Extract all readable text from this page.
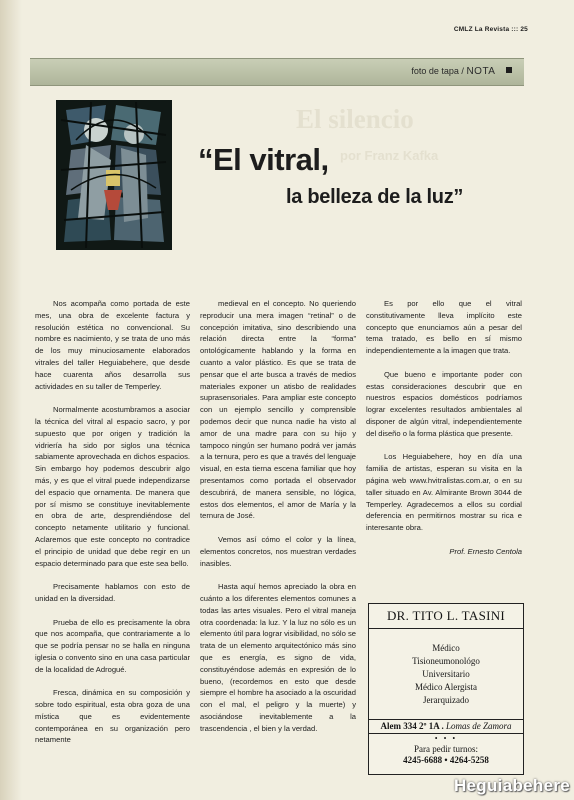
CMLZ La Revista ::: 25
foto de tapa / NOTA
El silencio
por Franz Kafka
“El vitral,
la belleza de la luz”

Nos acompaña como portada de este mes, una obra de excelente factura y resolución estética no convencional. Su nombre es nacimiento, y se trata de uno más de los muy minuciosamente elaborados vitrales del taller Heguiabehere, que desde hace cuarenta años desarrolla sus actividades en su taller de Temperley.

Normalmente acostumbramos a asociar la técnica del vitral al espacio sacro, y por supuesto que por origen y tradición la vidriería ha sido por siglos una técnica sabiamente aprovechada en dichos espacios. Sin embargo hoy podemos descubrir algo más, y es que el vitral puede independizarse del espacio que ornamenta. De manera que por sí mismo se constituye inevitablemente en obra de arte, desprendiéndose del concepto netamente utilitario y funcional. Aclaremos que este concepto no contradice el principio de unidad que debe regir en un espacio determinado para que este sea bello.

Precisamente hablamos con esto de unidad en la diversidad.

Prueba de ello es precisamente la obra que nos acompaña, que contrariamente a lo que se podría pensar no se halla en ninguna iglesia o convento sino en una casa particular de la localidad de Adrogué.

Fresca, dinámica en su composición y sobre todo espiritual, esta obra goza de una mística que es evidentemente contemporánea en su organización pero netamente

medieval en el concepto. No queriendo reproducir una mera imagen “retinal” o de concepción imitativa, sino describiendo una relación directa entre la “forma” ontológicamente hablando y la forma en cuanto a valor plástico. Es que se trata de pensar que el arte busca a través de medios materiales exponer un atisbo de realidades suprasensoriales. Para ampliar este concepto con un ejemplo sencillo y comprensible podemos decir que nunca nadie ha visto al amor de una madre para con su hijo y tampoco ningún ser humano podrá ver jamás a la ternura, pero es que a través del lenguaje visual, en esta tierna escena familiar que hoy presentamos como portada el observador descubrirá, de manera sensible, no lógica, estos dos elementos, el amor de María y la ternura de José.

Vemos así cómo el color y la línea, elementos concretos, nos muestran verdades inasibles.

Hasta aquí hemos apreciado la obra en cuánto a los diferentes elementos comunes a todas las artes visuales. Pero el vitral maneja otra coordenada: la luz. Y la luz no sólo es un elemento útil para lograr visibilidad, no sólo se trata de un elemento arquitectónico más sino que es energía, es signo de vida, constituyéndose además en expresión de lo bueno, (recordemos en esto que desde siempre el hombre ha asociado a la oscuridad con el mal, el peligro y la muerte) y asociándose inevitablemente a la trascendencia , el bien y la verdad.

Es por ello que el vitral constitutivamente lleva implícito este concepto que enunciamos aún a pesar del tema tratado, es bello en sí mismo independientemente a la imagen que trata.

Que bueno e importante poder con estas consideraciones descubrir que en nuestros espacios domésticos podríamos lograr excelentes resultados ambientales al disponer de algún vitral, independientemente del diseño o la forma plástica que presente.

Los Heguiabehere, hoy en día una familia de artistas, esperan su visita en la página web www.hvitralistas.com.ar, o en su taller situado en Av. Almirante Brown 3044 de Temperley. Agradecemos a ellos su cordial deferencia en permitirnos mostrar su rica e interesante obra.

Prof. Ernesto Centola
DR. TITO L. TASINI
Médico
Tisioneumonológo
Universitario
Médico Alergista
Jerarquizado
Alem 334 2º 1A . Lomas de Zamora
• • •
Para pedir turnos:
4245-6688 • 4264-5258
Heguiabehere
